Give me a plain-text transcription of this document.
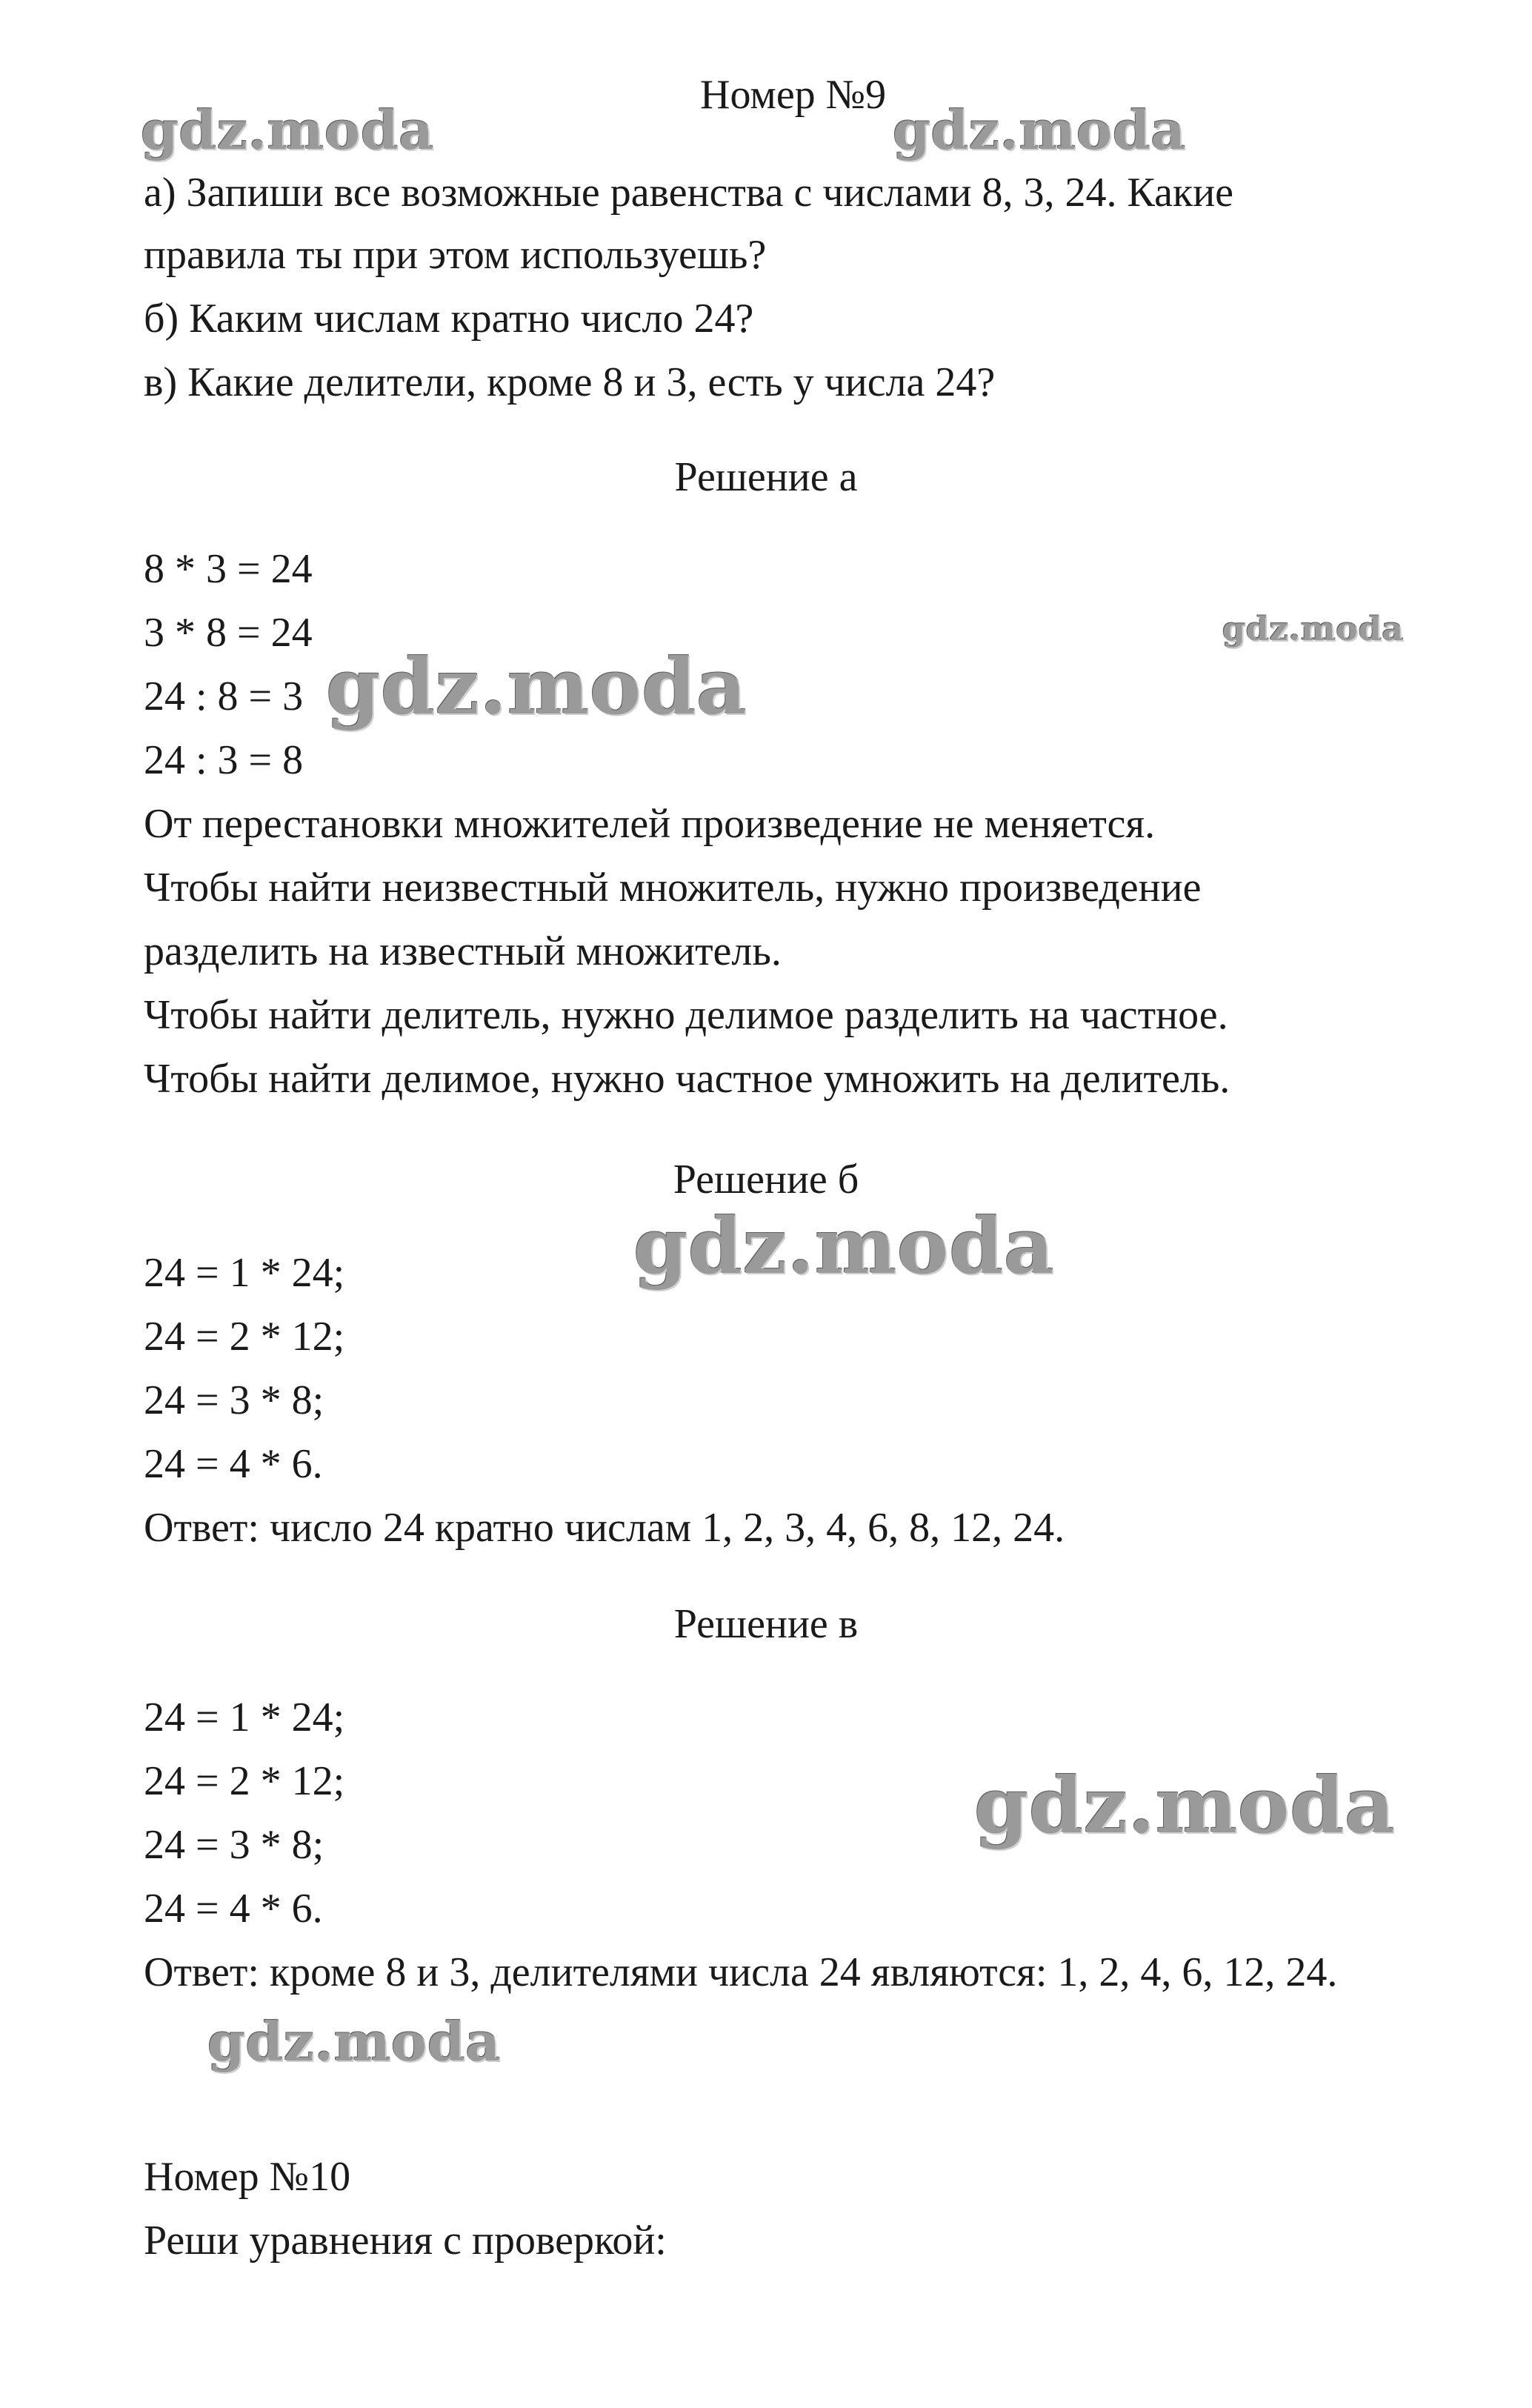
gdz.moda	gdz.moda
gdz.moda
gdz.moda
gdz.moda
gdz.moda
gdz.moda
Номер №9
а) Запиши все возможные равенства с числами 8, 3, 24. Какие
правила ты при этом используешь?
б) Каким числам кратно число 24?
в) Какие делители, кроме 8 и 3, есть у числа 24?
Решение а
8 * 3 = 24
3 * 8 = 24
24 : 8 = 3
24 : 3 = 8
От перестановки множителей произведение не меняется.
Чтобы найти неизвестный множитель, нужно произведение
разделить на известный множитель.
Чтобы найти делитель, нужно делимое разделить на частное.
Чтобы найти делимое, нужно частное умножить на делитель.
Решение б
24 = 1 * 24;
24 = 2 * 12;
24 = 3 * 8;
24 = 4 * 6.
Ответ: число 24 кратно числам 1, 2, 3, 4, 6, 8, 12, 24.
Решение в
24 = 1 * 24;
24 = 2 * 12;
24 = 3 * 8;
24 = 4 * 6.
Ответ: кроме 8 и 3, делителями числа 24 являются: 1, 2, 4, 6, 12, 24.
Номер №10
Реши уравнения с проверкой:
